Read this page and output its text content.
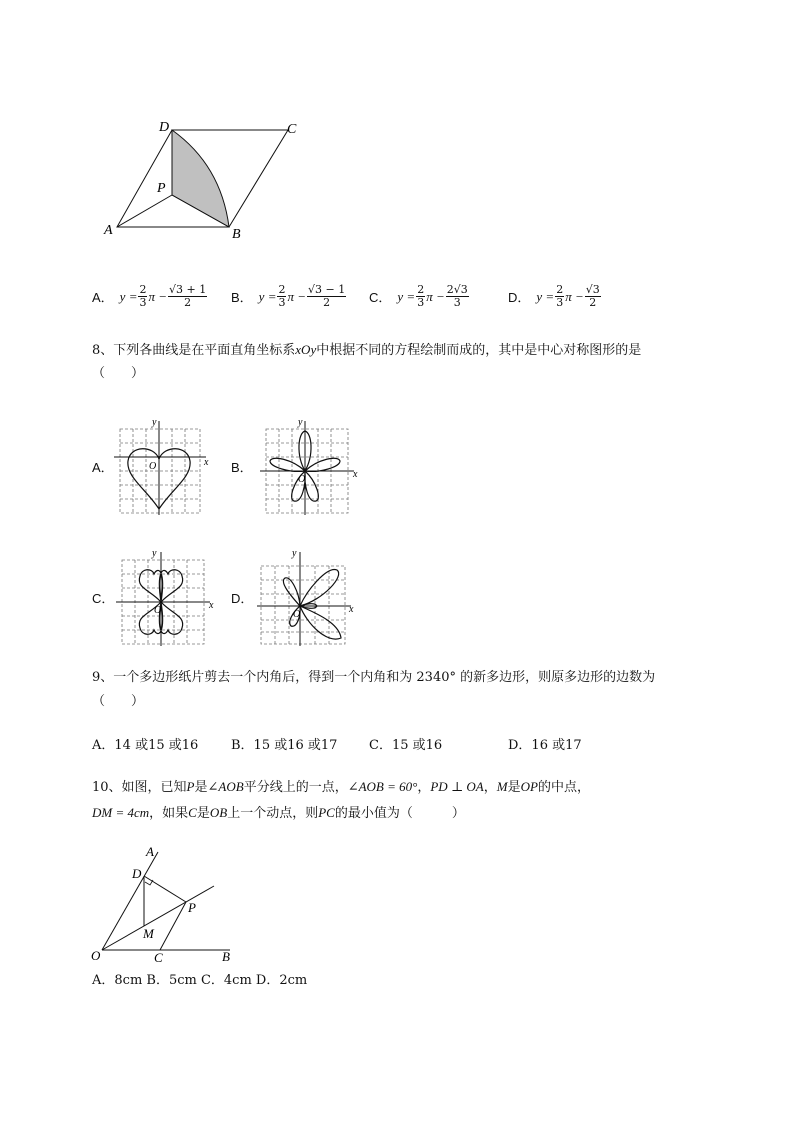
D	C
P
A	B
A． $y = \frac{2}{3}$ $\pi - \frac{√3 + 1}{2}$ B． $y = \frac{2}{3}$ $\pi - \frac{√3 - 1}{2}$ C． $y = \frac{2}{3}$ $\pi - \frac{2√3}{3}$	D． $y = \frac{2}{3}$ $\pi - \frac{√3}{2}$
8、下列各曲线是在平面直角坐标系xOy中根据不同的方程绘制而成的，其中是中心对称图形的是
（　　）
A．	B．
C．	D．
y
x
O
y
x
O
y
x
O
y
x
O
9、一个多边形纸片剪去一个内角后，得到一个内角和为 2340° 的新多边形，则原多边形的边数为
（　　）
A．14 或15 或16	B．15 或16 或17 C．15 或16	D．16 或17
10、如图，已知P是∠AOB平分线上的一点，∠AOB = 60°，PD ⊥ OA，M是OP的中点，
DM = 4cm，如果C是OB上一个动点，则PC的最小值为（　　　）
A
D
P
M
O	C	B
A．8cm B．5cm C．4cm D．2cm
